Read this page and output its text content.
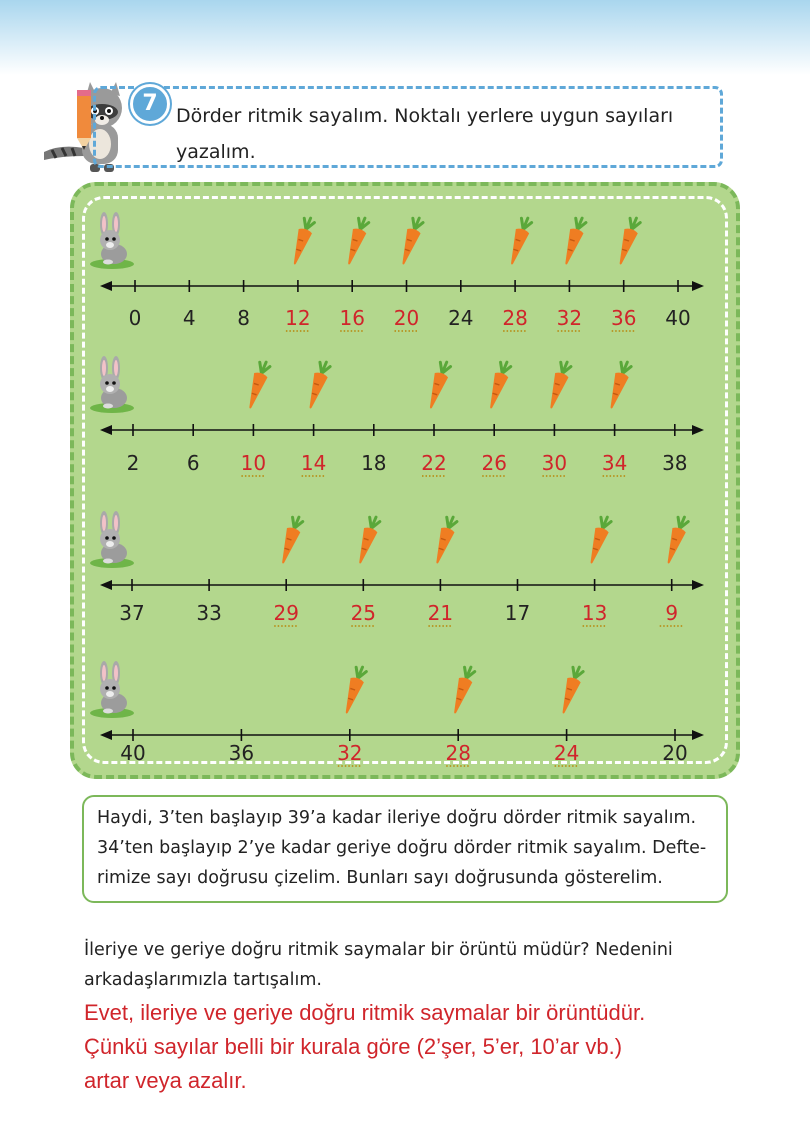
7 Dörder ritmik sayalım. Noktalı yerlere uygun sayıları
yazalım.
0 4 8 12 16 20 24 28 32 36 40
2 6 10 14 18 22 26 30 34 38
37	33	29	25	21	17	13	9
40	36	32	28	24	20
Haydi, 3’ten başlayıp 39’a kadar ileriye doğru dörder ritmik sayalım.
34’ten başlayıp 2’ye kadar geriye doğru dörder ritmik sayalım. Defte-
rimize sayı doğrusu çizelim. Bunları sayı doğrusunda gösterelim.
İleriye ve geriye doğru ritmik saymalar bir örüntü müdür? Nedenini
arkadaşlarımızla tartışalım.
Evet, ileriye ve geriye doğru ritmik saymalar bir örüntüdür.
Çünkü sayılar belli bir kurala göre (2’şer, 5’er, 10’ar vb.)
artar veya azalır.
